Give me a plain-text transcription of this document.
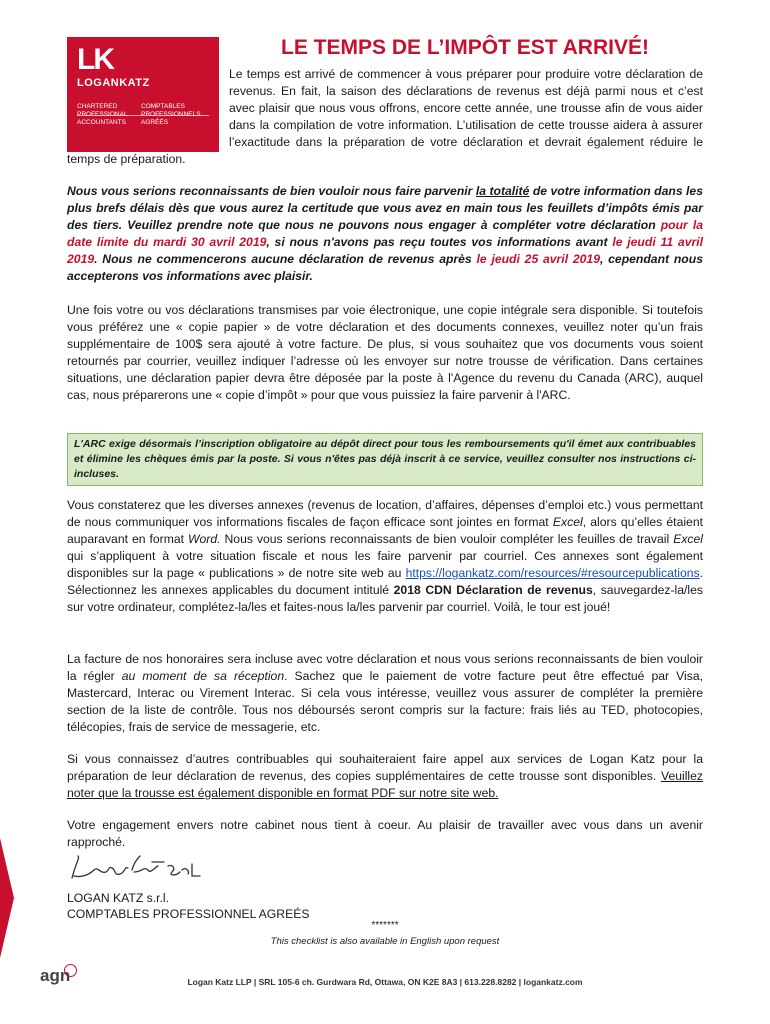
LK
LOGANKATZ
CHARTERED PROFESSIONAL ACCOUNTANTS
COMPTABLES PROFESSIONNELS AGRÉÉS
LE TEMPS DE L’IMPÔT EST ARRIVÉ!
Le temps est arrivé de commencer à vous préparer pour produire votre déclaration de revenus. En fait, la saison des déclarations de revenus est déjà parmi nous et c’est avec plaisir que nous vous offrons, encore cette année, une trousse afin de vous aider dans la compilation de votre information. L’utilisation de cette trousse aidera à assurer l’exactitude dans la préparation de votre déclaration et devrait également réduire le temps de préparation.

Nous vous serions reconnaissants de bien vouloir nous faire parvenir la totalité de votre information dans les plus brefs délais dès que vous aurez la certitude que vous avez en main tous les feuillets d’impôts émis par des tiers. Veuillez prendre note que nous ne pouvons nous engager à compléter votre déclaration pour la date limite du mardi 30 avril 2019, si nous n'avons pas reçu toutes vos informations avant le jeudi 11 avril 2019. Nous ne commencerons aucune déclaration de revenus après le jeudi 25 avril 2019, cependant nous accepterons vos informations avec plaisir.

Une fois votre ou vos déclarations transmises par voie électronique, une copie intégrale sera disponible. Si toutefois vous préférez une « copie papier » de votre déclaration et des documents connexes, veuillez noter qu’un frais supplémentaire de 100$ sera ajouté à votre facture. De plus, si vous souhaitez que vos documents vous soient retournés par courrier, veuillez indiquer l’adresse où les envoyer sur notre trousse de vérification. Dans certaines situations, une déclaration papier devra être déposée par la poste à l'Agence du revenu du Canada (ARC), auquel cas, nous préparerons une « copie d’impôt » pour que vous puissiez la faire parvenir à l'ARC.

L'ARC exige désormais l’inscription obligatoire au dépôt direct pour tous les remboursements qu'il émet aux contribuables et élimine les chèques émis par la poste. Si vous n'êtes pas déjà inscrit à ce service, veuillez consulter nos instructions ci-incluses.

Vous constaterez que les diverses annexes (revenus de location, d’affaires, dépenses d’emploi etc.) vous permettant de nous communiquer vos informations fiscales de façon efficace sont jointes en format Excel, alors qu’elles étaient auparavant en format Word. Nous vous serions reconnaissants de bien vouloir compléter les feuilles de travail Excel qui s’appliquent à votre situation fiscale et nous les faire parvenir par courriel. Ces annexes sont également disponibles sur la page « publications » de notre site web au https://logankatz.com/resources/#resourcepublications. Sélectionnez les annexes applicables du document intitulé 2018 CDN Déclaration de revenus, sauvegardez-la/les sur votre ordinateur, complétez-la/les et faites-nous la/les parvenir par courriel. Voilà, le tour est joué!

La facture de nos honoraires sera incluse avec votre déclaration et nous vous serions reconnaissants de bien vouloir la régler au moment de sa réception. Sachez que le paiement de votre facture peut être effectué par Visa, Mastercard, Interac ou Virement Interac. Si cela vous intéresse, veuillez vous assurer de compléter la première section de la liste de contrôle. Tous nos déboursés seront compris sur la facture: frais liés au TED, photocopies, télécopies, frais de service de messagerie, etc.

Si vous connaissez d’autres contribuables qui souhaiteraient faire appel aux services de Logan Katz pour la préparation de leur déclaration de revenus, des copies supplémentaires de cette trousse sont disponibles. Veuillez noter que la trousse est également disponible en format PDF sur notre site web.

Votre engagement envers notre cabinet nous tient à coeur. Au plaisir de travailler avec vous dans un avenir rapproché.

LOGAN KATZ s.r.l.

COMPTABLES PROFESSIONNEL AGREÉS

*******

This checklist is also available in English upon request

agn	Logan Katz LLP | SRL 105-6 ch. Gurdwara Rd, Ottawa, ON K2E 8A3 | 613.228.8282 | logankatz.com
